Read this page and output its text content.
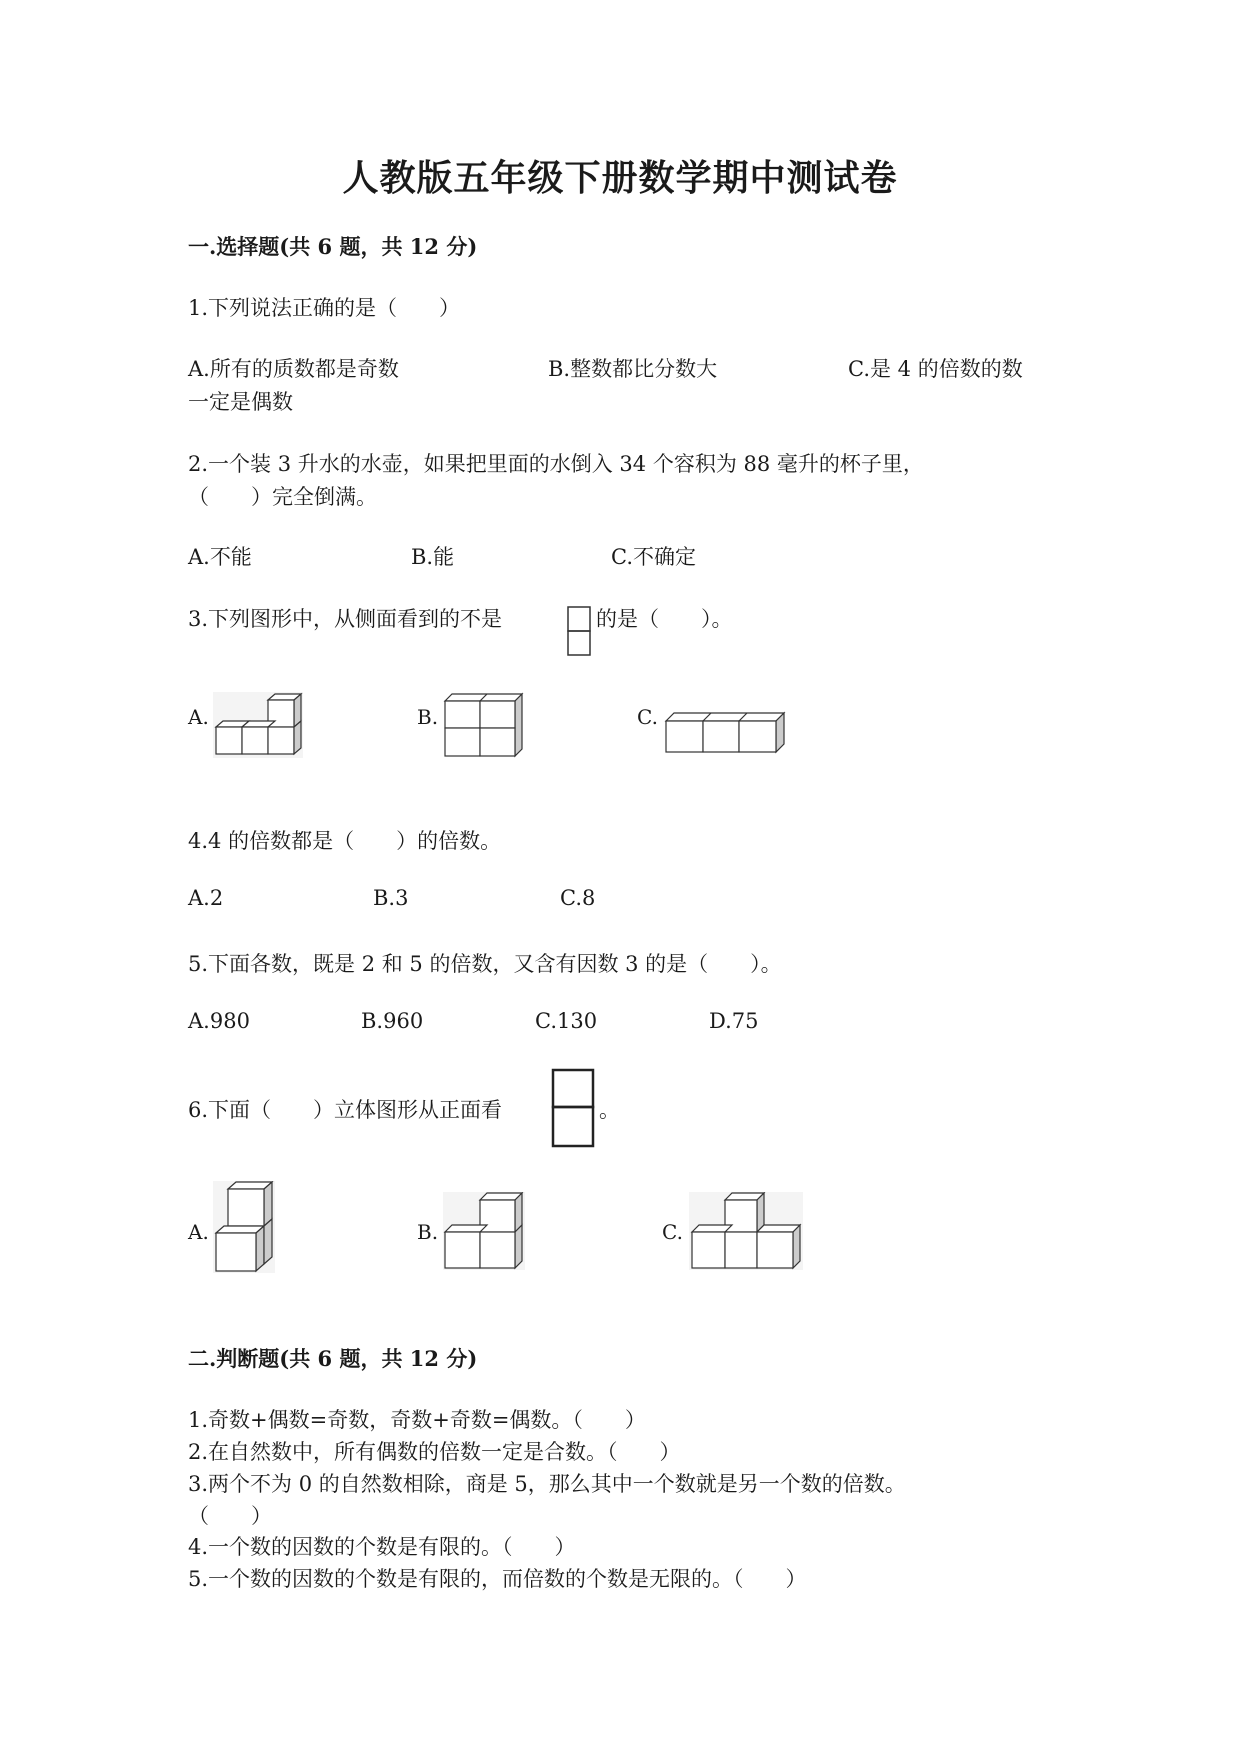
人教版五年级下册数学期中测试卷
一.选择题(共 6 题，共 12 分)
1.下列说法正确的是（　　）
A.所有的质数都是奇数	B.整数都比分数大	C.是 4 的倍数的数
一定是偶数
2.一个装 3 升水的水壶，如果把里面的水倒入 34 个容积为 88 毫升的杯子里，
（　　）完全倒满。
A.不能	B.能	C.不确定
3.下列图形中，从侧面看到的不是	的是（　　）。
A.	B.	C.
4.4 的倍数都是（　　）的倍数。
A.2	B.3	C.8
5.下面各数，既是 2 和 5 的倍数，又含有因数 3 的是（　　）。
A.980	B.960	C.130	D.75
6.下面（　　）立体图形从正面看	。
A.	B.	C.
二.判断题(共 6 题，共 12 分)
1.奇数+偶数=奇数，奇数+奇数=偶数。（　　）
2.在自然数中，所有偶数的倍数一定是合数。（　　）
3.两个不为 0 的自然数相除，商是 5，那么其中一个数就是另一个数的倍数。
（　　）
4.一个数的因数的个数是有限的。（　　）
5.一个数的因数的个数是有限的，而倍数的个数是无限的。（　　）
